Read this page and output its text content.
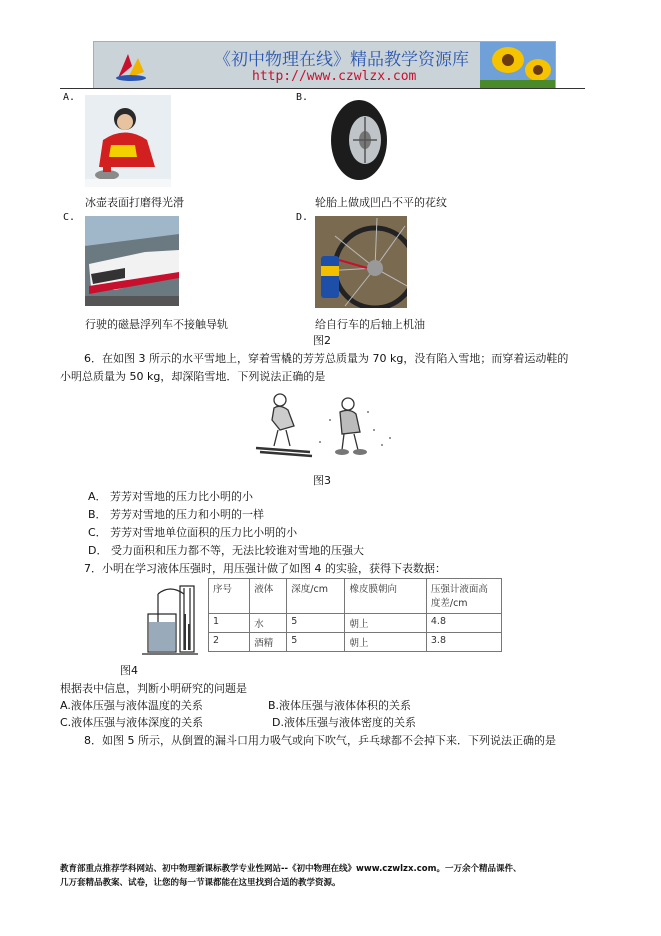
《初中物理在线》精品教学资源库
http://www.czwlzx.com
A.
冰壶表面打磨得光滑
B.
轮胎上做成凹凸不平的花纹
C.
行驶的磁悬浮列车不接触导轨
D.
给自行车的后轴上机油
图2
6．在如图 3 所示的水平雪地上，穿着雪橇的芳芳总质量为 70 kg，没有陷入雪地；而穿着运动鞋的
小明总质量为 50 kg，却深陷雪地．下列说法正确的是
图3
A． 芳芳对雪地的压力比小明的小
B． 芳芳对雪地的压力和小明的一样
C． 芳芳对雪地单位面积的压力比小明的小
D． 受力面积和压力都不等，无法比较谁对雪地的压强大
7．小明在学习液体压强时，用压强计做了如图 4 的实验，获得下表数据：
序号	液体	深度/cm	橡皮膜朝向	压强计液面高度差/cm
1	水	5	朝上	4.8
2	酒精	5	朝上	3.8
图4
根据表中信息，判断小明研究的问题是
A.液体压强与液体温度的关系	B.液体压强与液体体积的关系
C.液体压强与液体深度的关系	D.液体压强与液体密度的关系
8．如图 5 所示，从倒置的漏斗口用力吸气或向下吹气，乒乓球都不会掉下来．下列说法正确的是
教育部重点推荐学科网站、初中物理新课标教学专业性网站--《初中物理在线》www.czwlzx.com。一万余个精品课件、
几万套精品教案、试卷，让您的每一节课都能在这里找到合适的教学资源。
